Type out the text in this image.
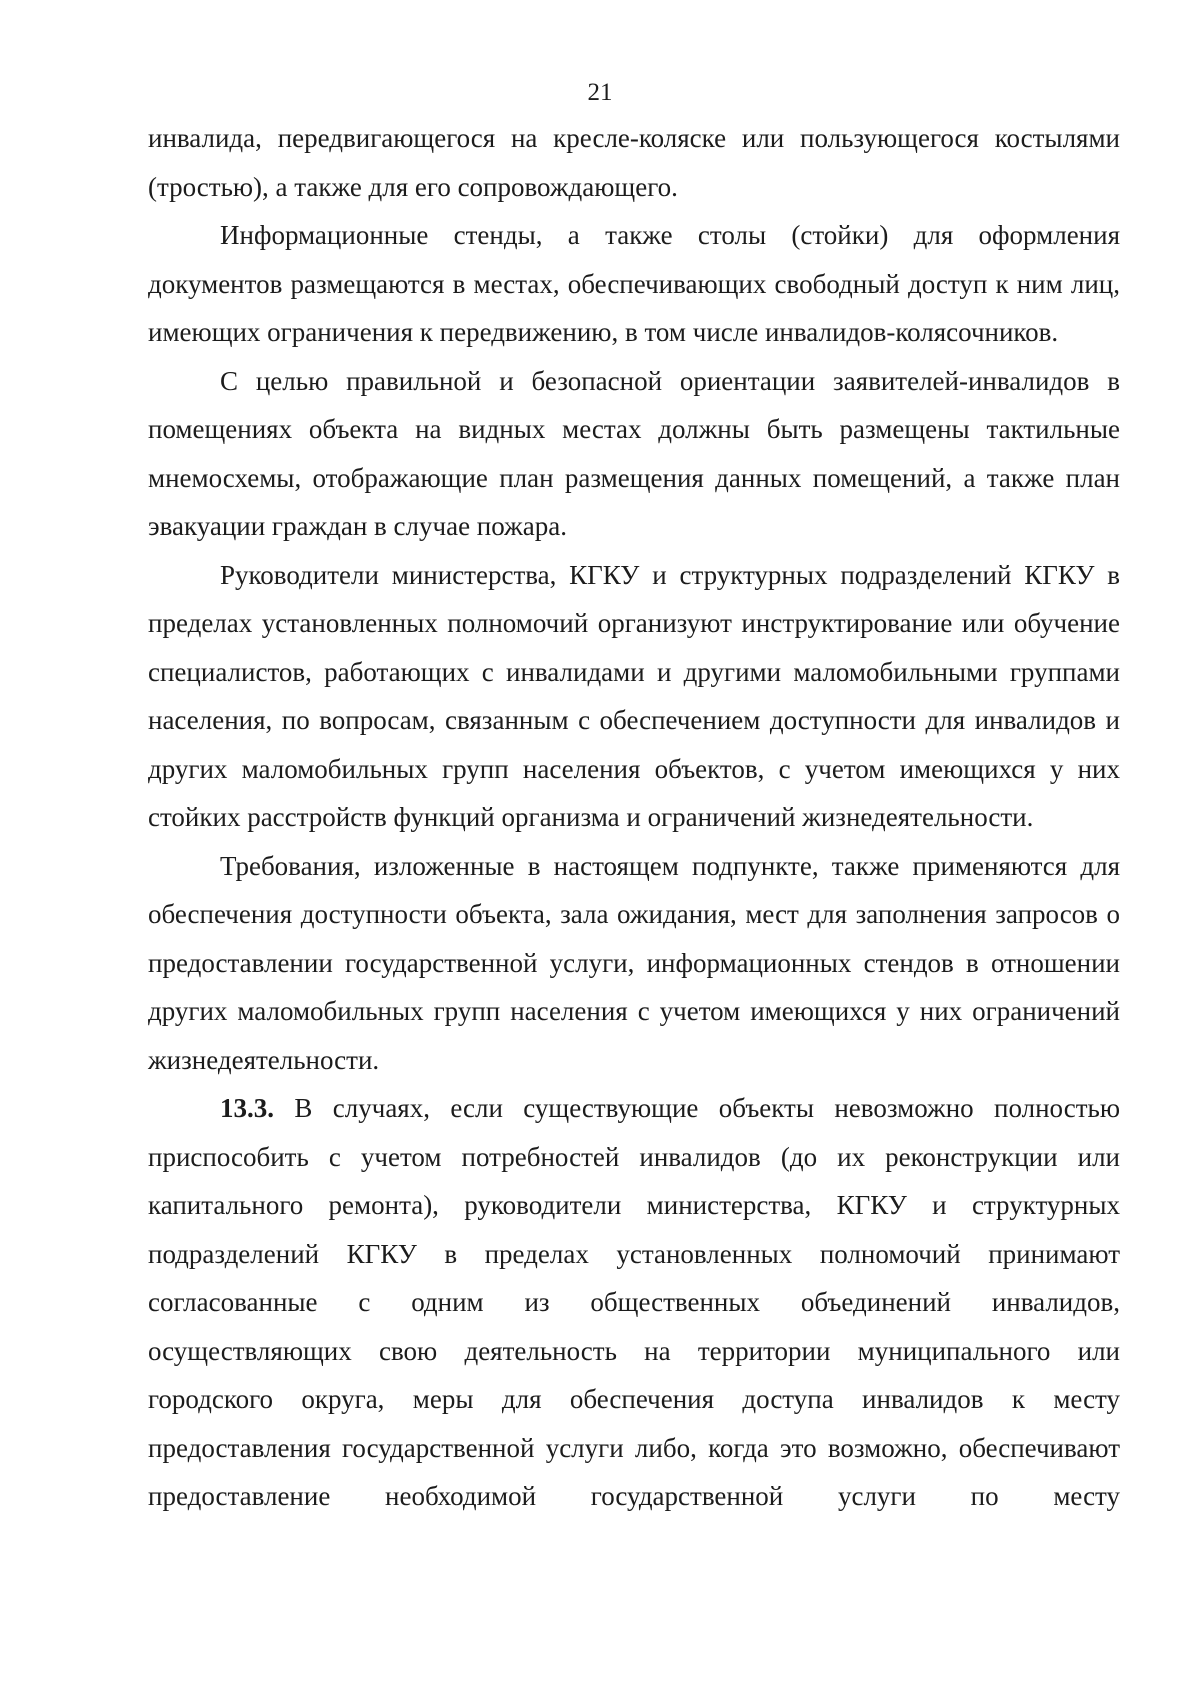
21

инвалида, передвигающегося на кресле-коляске или пользующегося костылями (тростью), а также для его сопровождающего.

Информационные стенды, а также столы (стойки) для оформления документов размещаются в местах, обеспечивающих свободный доступ к ним лиц, имеющих ограничения к передвижению, в том числе инвалидов-колясочников.

С целью правильной и безопасной ориентации заявителей-инвалидов в помещениях объекта на видных местах должны быть размещены тактильные мнемосхемы, отображающие план размещения данных помещений, а также план эвакуации граждан в случае пожара.

Руководители министерства, КГКУ и структурных подразделений КГКУ в пределах установленных полномочий организуют инструктирование или обучение специалистов, работающих с инвалидами и другими маломобильными группами населения, по вопросам, связанным с обеспечением доступности для инвалидов и других маломобильных групп населения объектов, с учетом имеющихся у них стойких расстройств функций организма и ограничений жизнедеятельности.

Требования, изложенные в настоящем подпункте, также применяются для обеспечения доступности объекта, зала ожидания, мест для заполнения запросов о предоставлении государственной услуги, информационных стендов в отношении других маломобильных групп населения с учетом имеющихся у них ограничений жизнедеятельности.

13.3. В случаях, если существующие объекты невозможно полностью приспособить с учетом потребностей инвалидов (до их реконструкции или капитального ремонта), руководители министерства, КГКУ и структурных подразделений КГКУ в пределах установленных полномочий принимают согласованные с одним из общественных объединений инвалидов, осуществляющих свою деятельность на территории муниципального или городского округа, меры для обеспечения доступа инвалидов к месту предоставления государственной услуги либо, когда это возможно, обеспечивают предоставление необходимой государственной услуги по месту
